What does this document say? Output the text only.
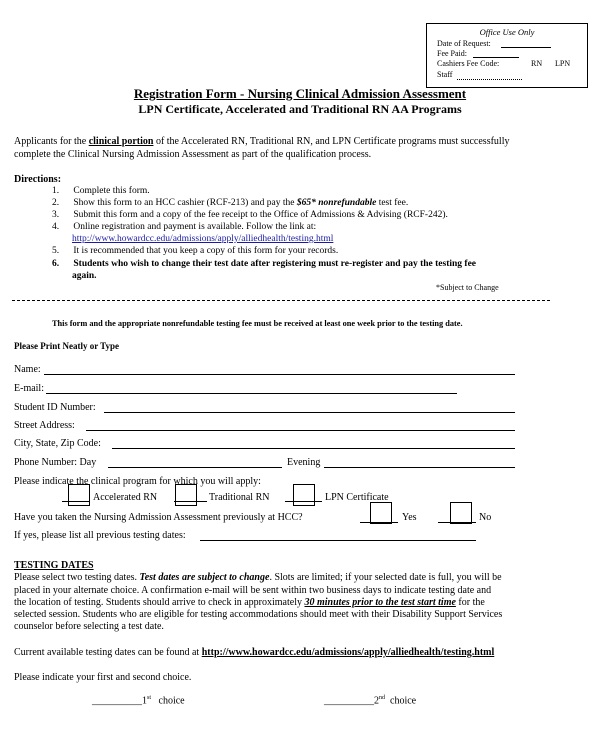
Office Use Only
Date of Request:
Fee Paid:
Cashiers Fee Code:	RN LPN
Staff
Registration Form - Nursing Clinical Admission Assessment
LPN Certificate, Accelerated and Traditional RN AA Programs
Applicants for the clinical portion of the Accelerated RN, Traditional RN, and LPN Certificate programs must successfully
complete the Clinical Nursing Admission Assessment as part of the qualification process.
Directions:
1.      Complete this form.
2.      Show this form to an HCC cashier (RCF-213) and pay the $65* nonrefundable test fee.
3.      Submit this form and a copy of the fee receipt to the Office of Admissions & Advising (RCF-242).
4.      Online registration and payment is available. Follow the link at:
http://www.howardcc.edu/admissions/apply/alliedhealth/testing.html
5.      It is recommended that you keep a copy of this form for your records.
6.      Students who wish to change their test date after registering must re-register and pay the testing fee
again.
*Subject to Change
This form and the appropriate nonrefundable testing fee must be received at least one week prior to the testing date.
Please Print Neatly or Type
Name:
E-mail:
Student ID Number:
Street Address:
City, State, Zip Code:
Phone Number: Day	Evening
Please indicate the clinical program for which you will apply:
Accelerated RN	Traditional RN	LPN Certificate
Have you taken the Nursing Admission Assessment previously at HCC?	Yes	No
If yes, please list all previous testing dates:
TESTING DATES
Please select two testing dates. Test dates are subject to change. Slots are limited; if your selected date is full, you will be
placed in your alternate choice. A confirmation e-mail will be sent within two business days to indicate testing date and
the location of testing. Students should arrive to check in approximately 30 minutes prior to the test start time for the
selected session. Students who are eligible for testing accommodations should meet with their Disability Support Services
counselor before selecting a test date.
Current available testing dates can be found at http://www.howardcc.edu/admissions/apply/alliedhealth/testing.html
Please indicate your first and second choice.
__________1st choice	__________2nd choice
